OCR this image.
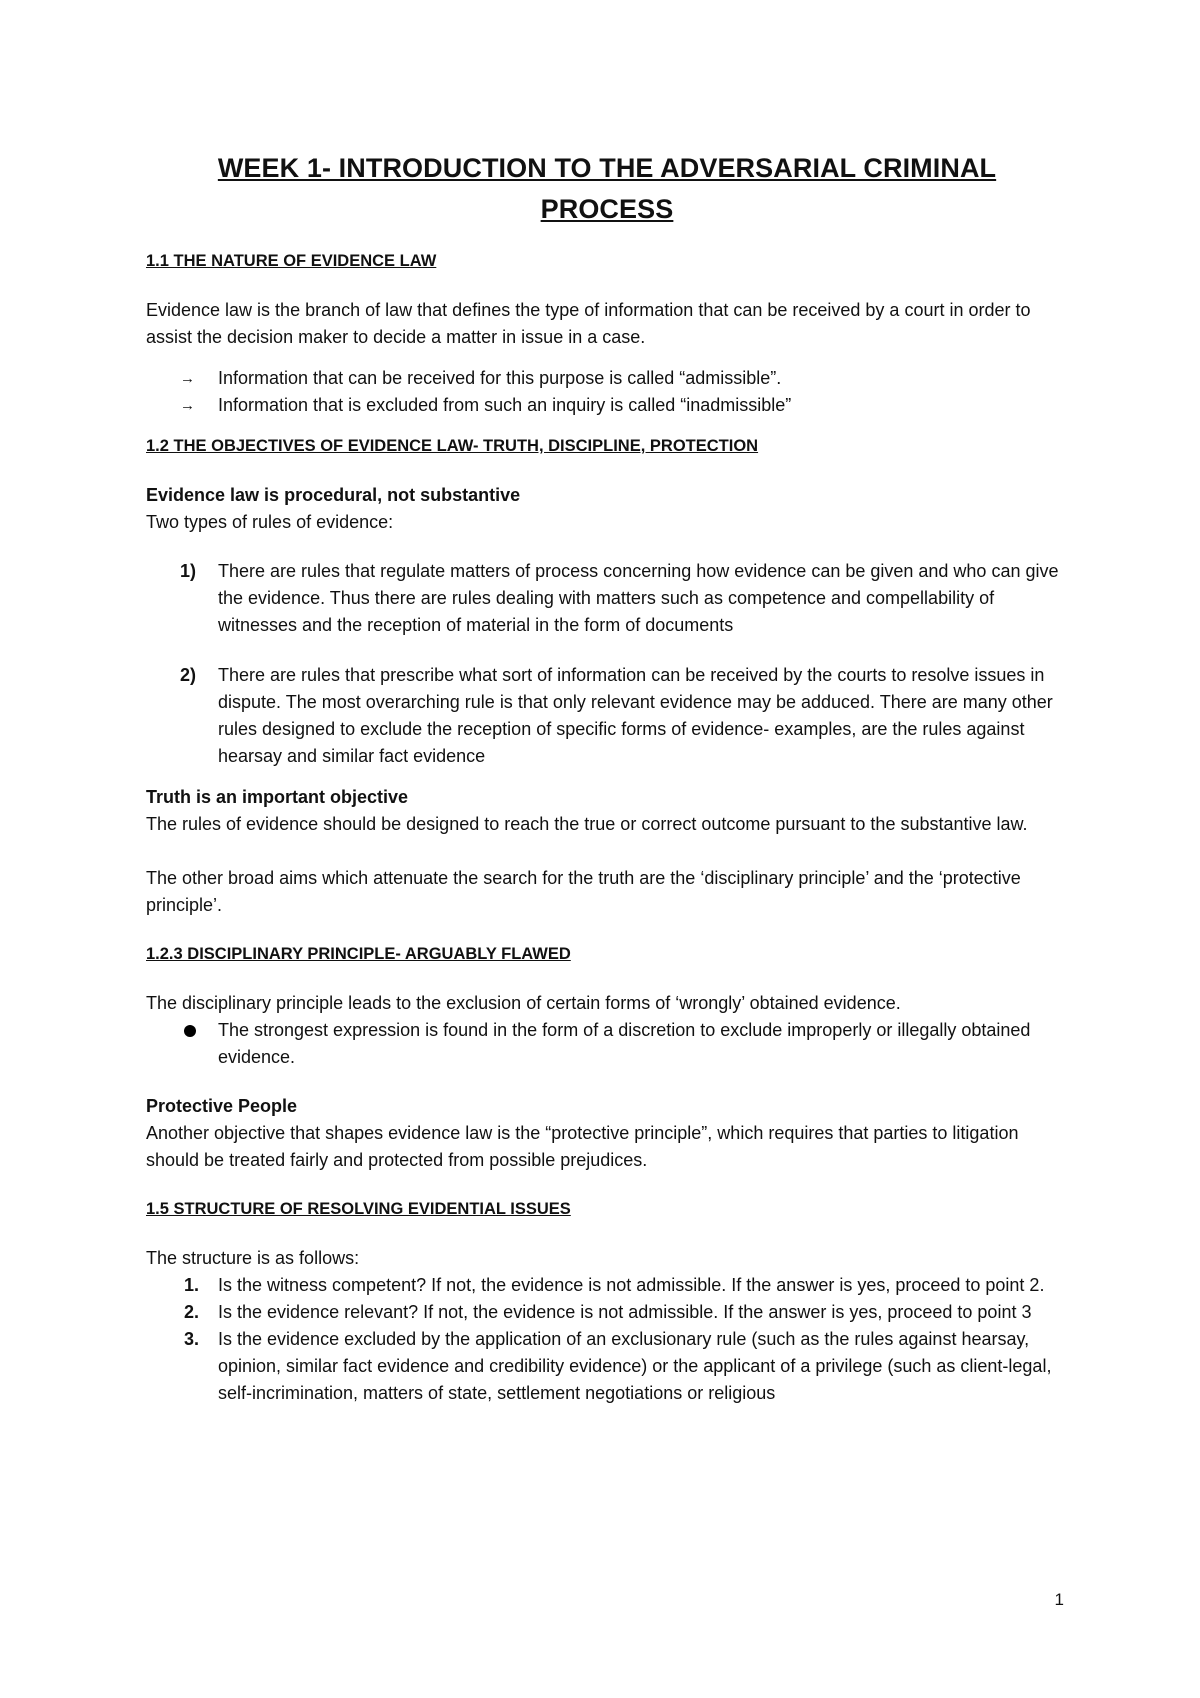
WEEK 1- INTRODUCTION TO THE ADVERSARIAL CRIMINAL PROCESS

1.1 THE NATURE OF EVIDENCE LAW

Evidence law is the branch of law that defines the type of information that can be received by a court in order to assist the decision maker to decide a matter in issue in a case.

→	Information that can be received for this purpose is called “admissible”.
→	Information that is excluded from such an inquiry is called “inadmissible”

1.2 THE OBJECTIVES OF EVIDENCE LAW- TRUTH, DISCIPLINE, PROTECTION

Evidence law is procedural, not substantive

Two types of rules of evidence:

1)	There are rules that regulate matters of process concerning how evidence can be given and who can give the evidence. Thus there are rules dealing with matters such as competence and compellability of witnesses and the reception of material in the form of documents
2)	There are rules that prescribe what sort of information can be received by the courts to resolve issues in dispute. The most overarching rule is that only relevant evidence may be adduced. There are many other rules designed to exclude the reception of specific forms of evidence- examples, are the rules against hearsay and similar fact evidence

Truth is an important objective

The rules of evidence should be designed to reach the true or correct outcome pursuant to the substantive law.

The other broad aims which attenuate the search for the truth are the ‘disciplinary principle’ and the ‘protective principle’.

1.2.3 DISCIPLINARY PRINCIPLE- ARGUABLY FLAWED

The disciplinary principle leads to the exclusion of certain forms of ‘wrongly’ obtained evidence.

The strongest expression is found in the form of a discretion to exclude improperly or illegally obtained evidence.

Protective People

Another objective that shapes evidence law is the “protective principle”, which requires that parties to litigation should be treated fairly and protected from possible prejudices.

1.5 STRUCTURE OF RESOLVING EVIDENTIAL ISSUES

The structure is as follows:

1.	Is the witness competent? If not, the evidence is not admissible. If the answer is yes, proceed to point 2.
2.	Is the evidence relevant? If not, the evidence is not admissible. If the answer is yes, proceed to point 3
3.	Is the evidence excluded by the application of an exclusionary rule (such as the rules against hearsay, opinion, similar fact evidence and credibility evidence) or the applicant of a privilege (such as client-legal, self-incrimination, matters of state, settlement negotiations or religious
1
